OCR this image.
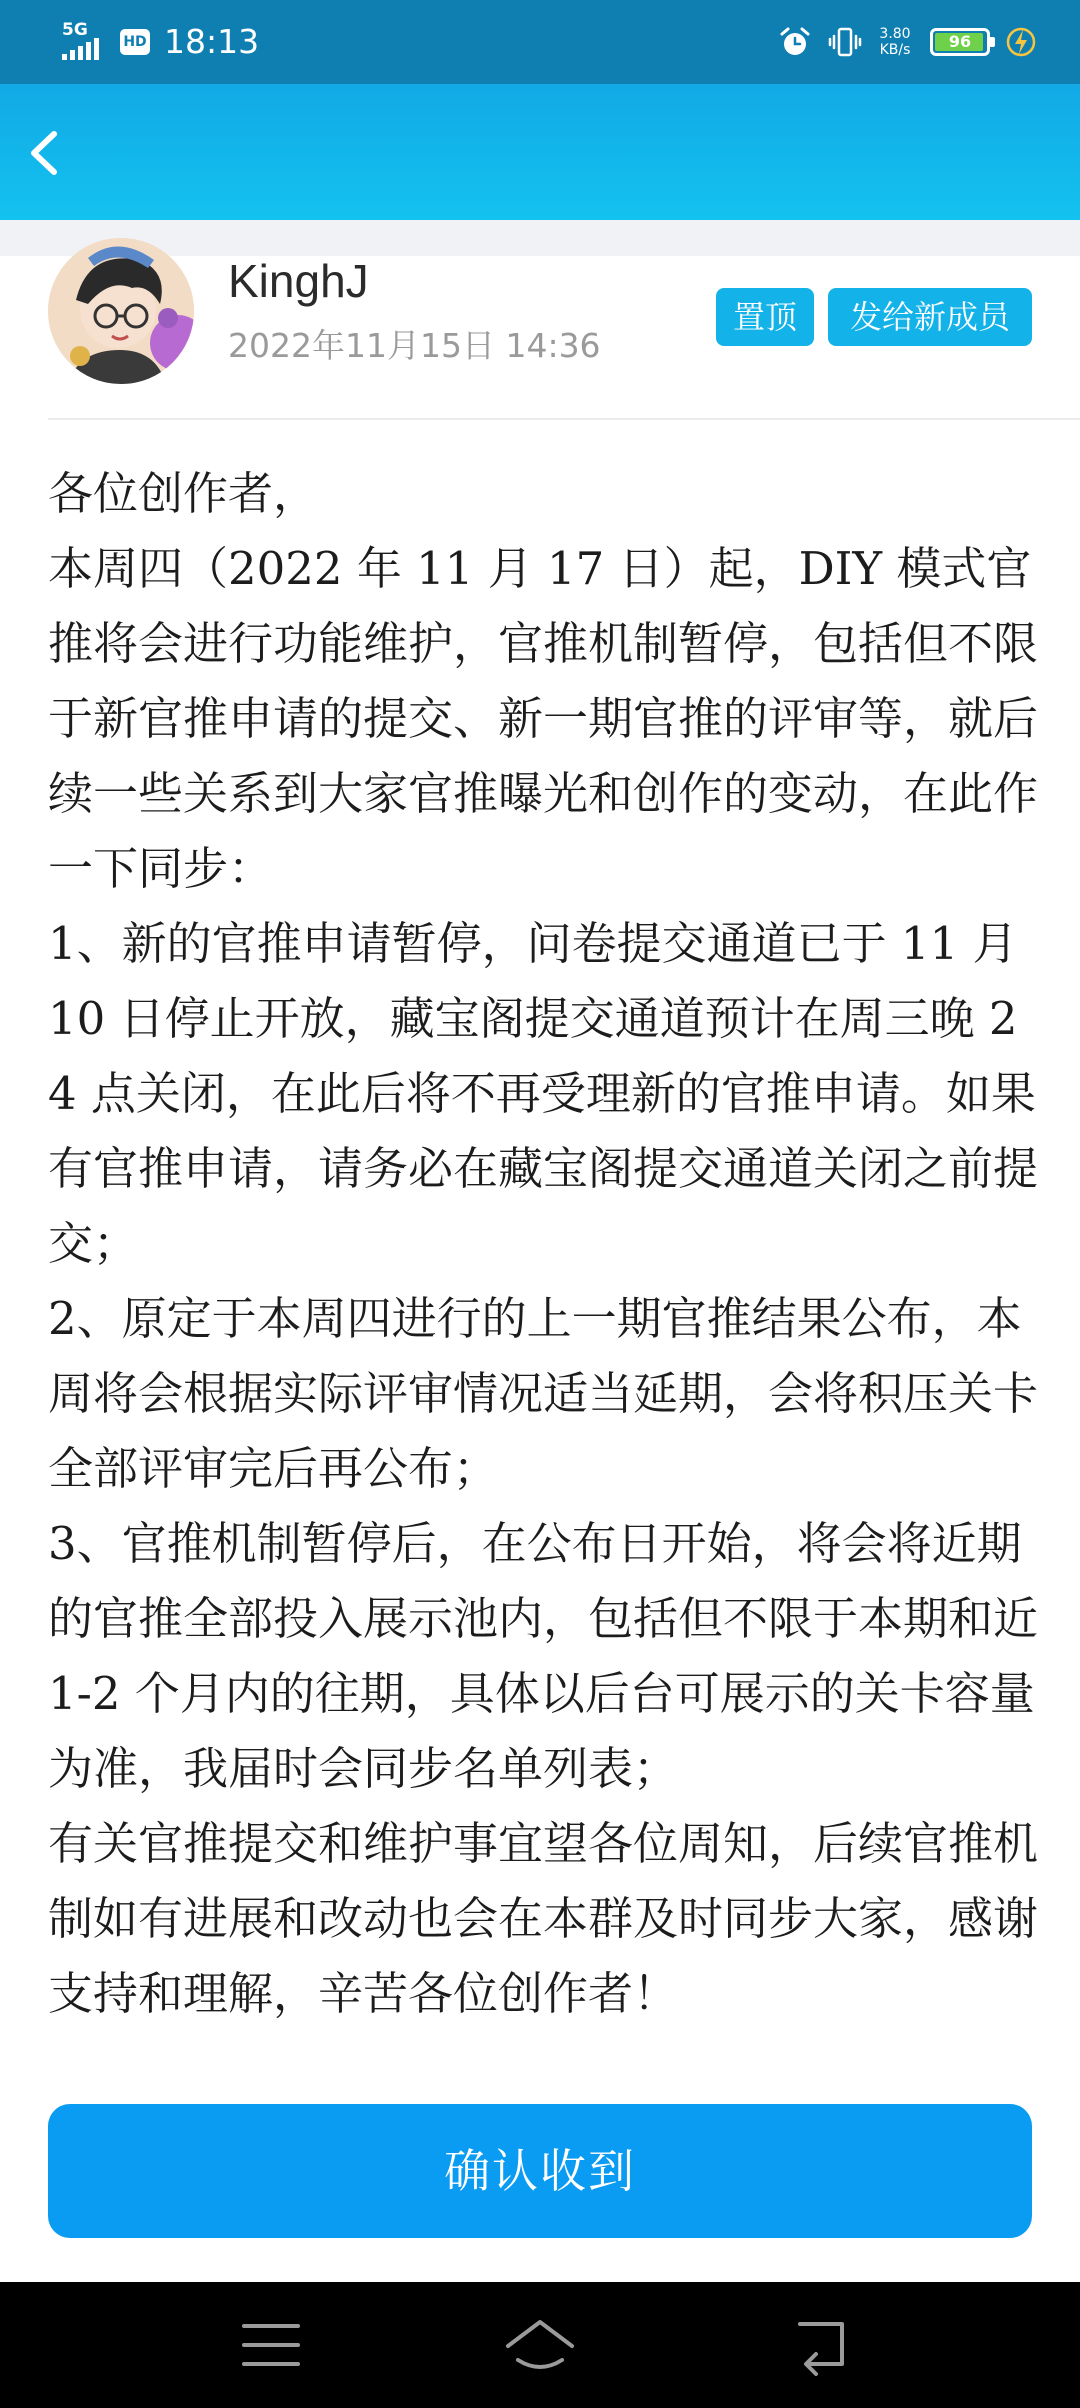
5G
HD 18:13	3.80
KB/s	96
KinghJ
2022年11月15日 14:36
置顶	发给新成员

各位创作者，

本周四（2022 年 11 月 17 日）起，DIY 模式官推将会进行功能维护，官推机制暂停，包括但不限于新官推申请的提交、新一期官推的评审等，就后续一些关系到大家官推曝光和创作的变动，在此作一下同步：

1、新的官推申请暂停，问卷提交通道已于 11 月 10 日停止开放，藏宝阁提交通道预计在周三晚 24 点关闭，在此后将不再受理新的官推申请。如果有官推申请，请务必在藏宝阁提交通道关闭之前提交；

2、原定于本周四进行的上一期官推结果公布，本周将会根据实际评审情况适当延期，会将积压关卡全部评审完后再公布；

3、官推机制暂停后，在公布日开始，将会将近期的官推全部投入展示池内，包括但不限于本期和近 1-2 个月内的往期，具体以后台可展示的关卡容量为准，我届时会同步名单列表；

有关官推提交和维护事宜望各位周知，后续官推机制如有进展和改动也会在本群及时同步大家，感谢支持和理解，辛苦各位创作者！

确认收到
